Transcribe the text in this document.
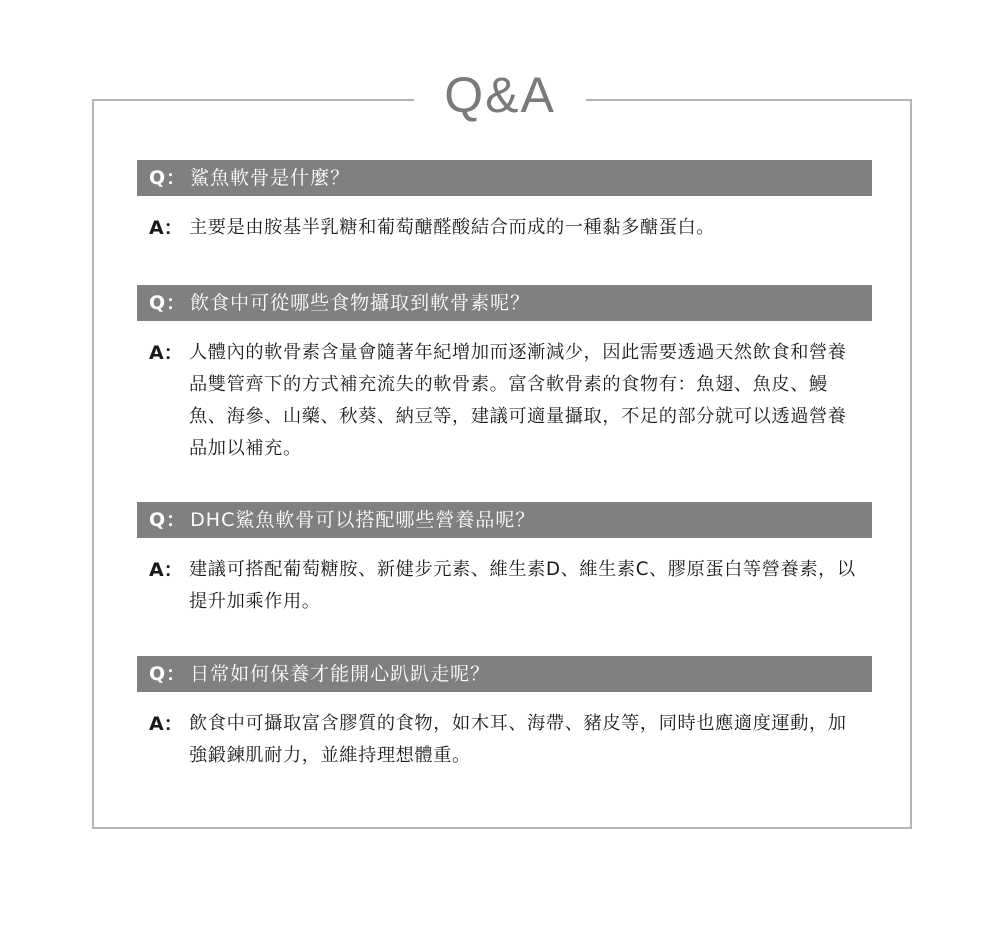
Q&A
Q： 鯊魚軟骨是什麼？
A： 主要是由胺基半乳糖和葡萄醣醛酸結合而成的一種黏多醣蛋白。
Q： 飲食中可從哪些食物攝取到軟骨素呢？
A： 人體內的軟骨素含量會隨著年紀增加而逐漸減少，因此需要透過天然飲食和營養品雙管齊下的方式補充流失的軟骨素。富含軟骨素的食物有：魚翅、魚皮、鰻魚、海參、山藥、秋葵、納豆等，建議可適量攝取，不足的部分就可以透過營養品加以補充。
Q： DHC鯊魚軟骨可以搭配哪些營養品呢？
A： 建議可搭配葡萄糖胺、新健步元素、維生素D、維生素C、膠原蛋白等營養素，以提升加乘作用。
Q： 日常如何保養才能開心趴趴走呢？
A： 飲食中可攝取富含膠質的食物，如木耳、海帶、豬皮等，同時也應適度運動，加強鍛鍊肌耐力，並維持理想體重。
